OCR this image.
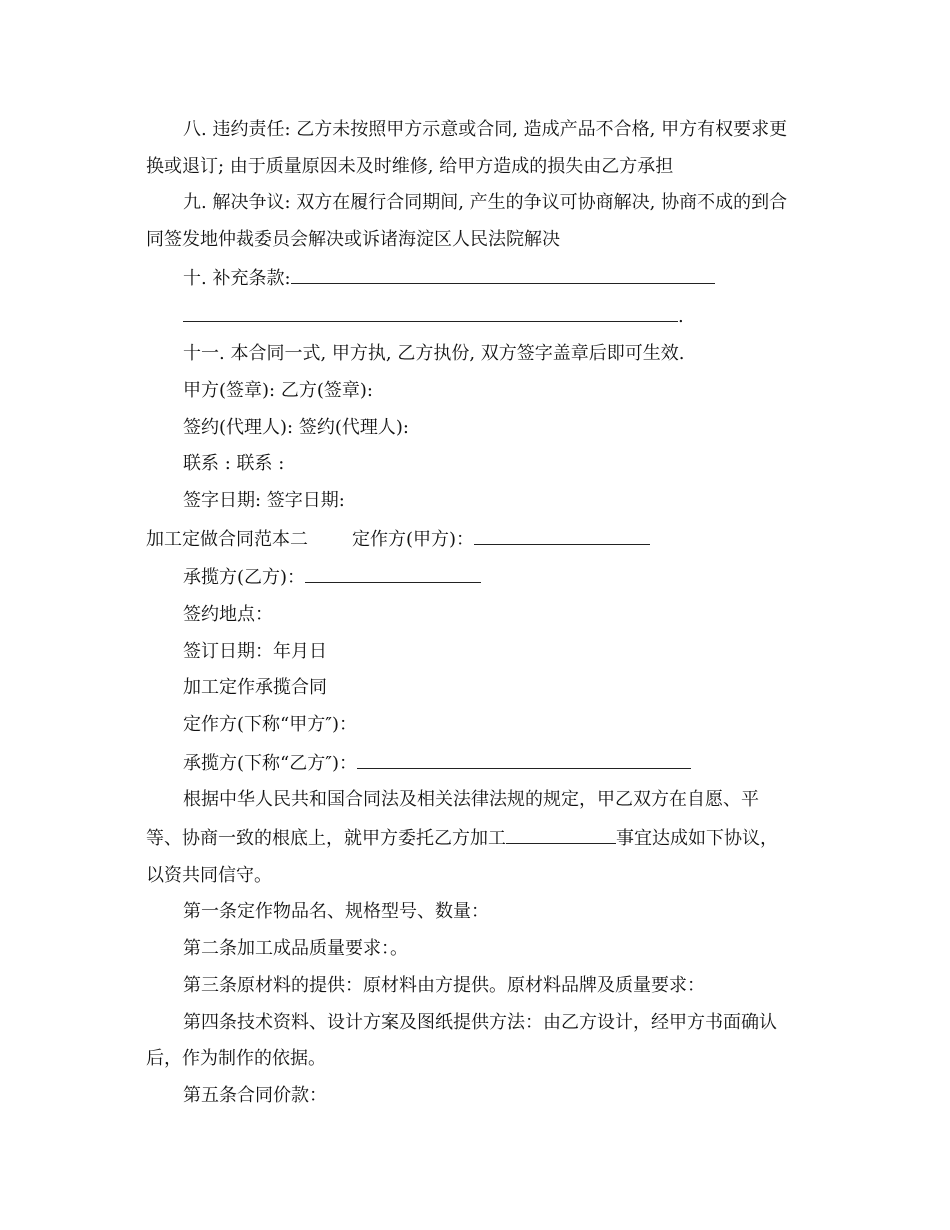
八. 违约责任: 乙方未按照甲方示意或合同, 造成产品不合格, 甲方有权要求更
换或退订; 由于质量原因未及时维修, 给甲方造成的损失由乙方承担
九. 解决争议: 双方在履行合同期间, 产生的争议可协商解决, 协商不成的到合
同签发地仲裁委员会解决或诉诸海淀区人民法院解决
十. 补充条款:
.
十一. 本合同一式, 甲方执, 乙方执份, 双方签字盖章后即可生效.
甲方(签章): 乙方(签章):
签约(代理人): 签约(代理人):
联系 : 联系 :
签字日期: 签字日期:
加工定做合同范本二 定作方(甲方)：
承揽方(乙方)：
签约地点：
签订日期：年月日
加工定作承揽合同
定作方(下称“甲方″)：
承揽方(下称“乙方″)：
根据中华人民共和国合同法及相关法律法规的规定，甲乙双方在自愿、平
等、协商一致的根底上，就甲方委托乙方加工	事宜达成如下协议，
以资共同信守。
第一条定作物品名、规格型号、数量：
第二条加工成品质量要求：。
第三条原材料的提供：原材料由方提供。原材料品牌及质量要求：
第四条技术资料、设计方案及图纸提供方法：由乙方设计，经甲方书面确认
后，作为制作的依据。
第五条合同价款：
